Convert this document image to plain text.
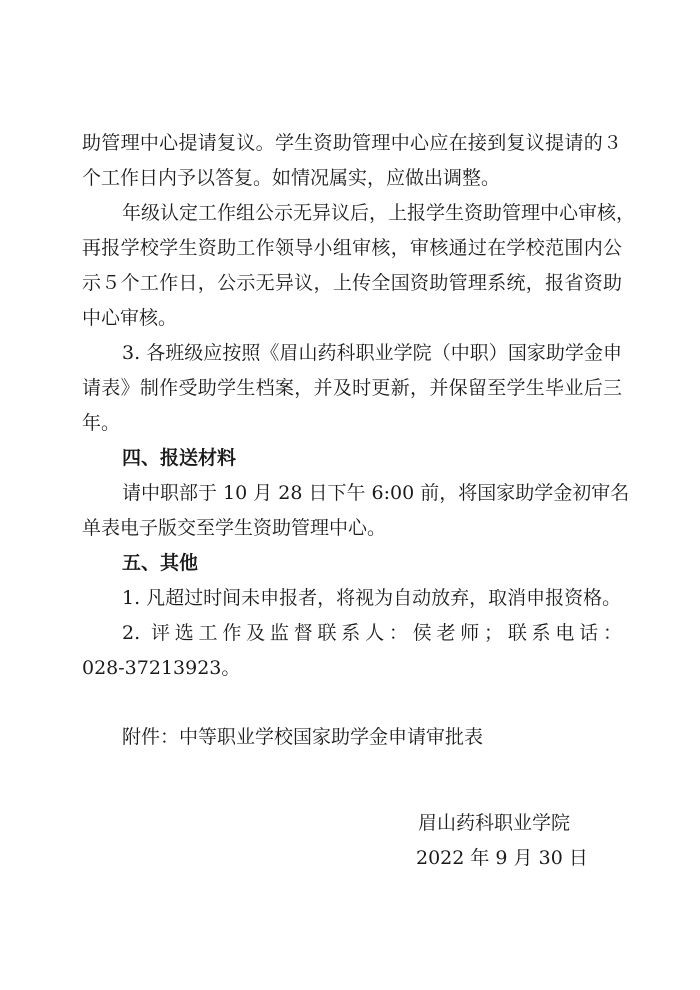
助管理中心提请复议。学生资助管理中心应在接到复议提请的３
个工作日内予以答复。如情况属实，应做出调整。
年级认定工作组公示无异议后，上报学生资助管理中心审核，
再报学校学生资助工作领导小组审核，审核通过在学校范围内公
示５个工作日，公示无异议，上传全国资助管理系统，报省资助
中心审核。
3. 各班级应按照《眉山药科职业学院（中职）国家助学金申
请表》制作受助学生档案，并及时更新，并保留至学生毕业后三
年。
四、报送材料
请中职部于 10 月 28 日下午 6:00 前，将国家助学金初审名
单表电子版交至学生资助管理中心。
五、其他
1. 凡超过时间未申报者，将视为自动放弃，取消申报资格。
2. 评选工作及监督联系人：侯老师；联系电话：
028-37213923。
附件：中等职业学校国家助学金申请审批表
眉山药科职业学院
2022 年 9 月 30 日
